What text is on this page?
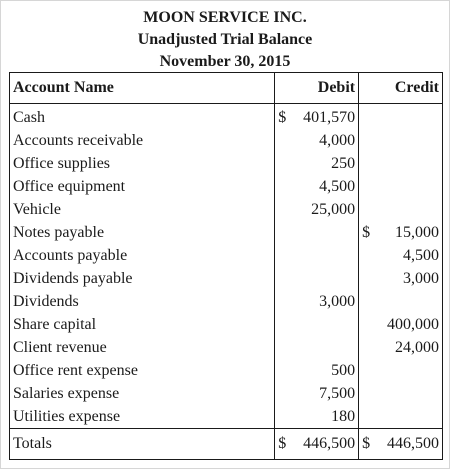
MOON SERVICE INC.
Unadjusted Trial Balance
November 30, 2015
Account Name	Debit	Credit
Cash	$ 401,570	

Accounts receivable	4,000	

Office supplies	250	

Office equipment	4,500	

Vehicle	25,000	

Notes payable		$ 15,000

Accounts payable		4,500

Dividends payable		3,000

Dividends	3,000	

Share capital		400,000

Client revenue		24,000

Office rent expense	500	

Salaries expense	7,500	

Utilities expense	180	

Totals	$ 446,500	$ 446,500
